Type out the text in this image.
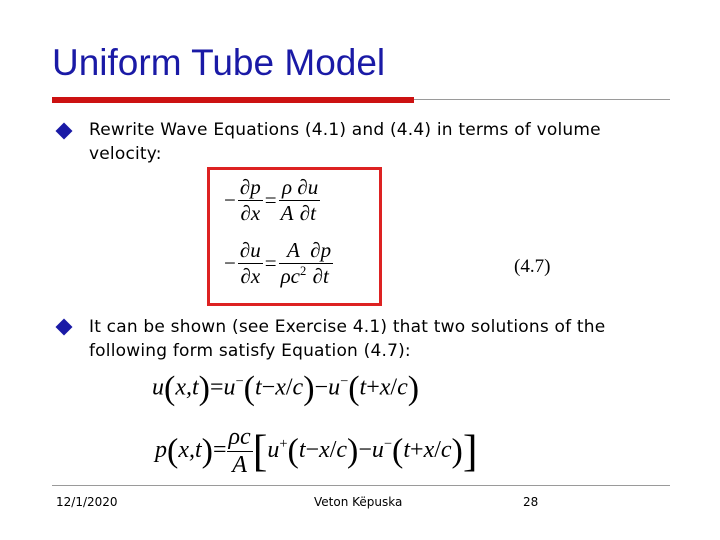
Uniform Tube Model
Rewrite Wave Equations (4.1) and (4.4) in terms of volume velocity:
− $\frac{\partial p}{\partial x} = \frac{\rho}{A} \frac{\partial u}{\partial t}$
− $\frac{\partial u}{\partial x} = \frac{A}{\rho c^2} \frac{\partial p}{\partial t}$	(4.7)
It can be shown (see Exercise 4.1) that two solutions of the following form satisfy Equation (4.7):
u(x,t)=u−(t−x/c)−u−(t+x/c)
$p(x,t)= \frac{\rho c}{A} [u^+(t-x/c)-u^-(t+x/c)]$
12/1/2020	Veton Këpuska	28
